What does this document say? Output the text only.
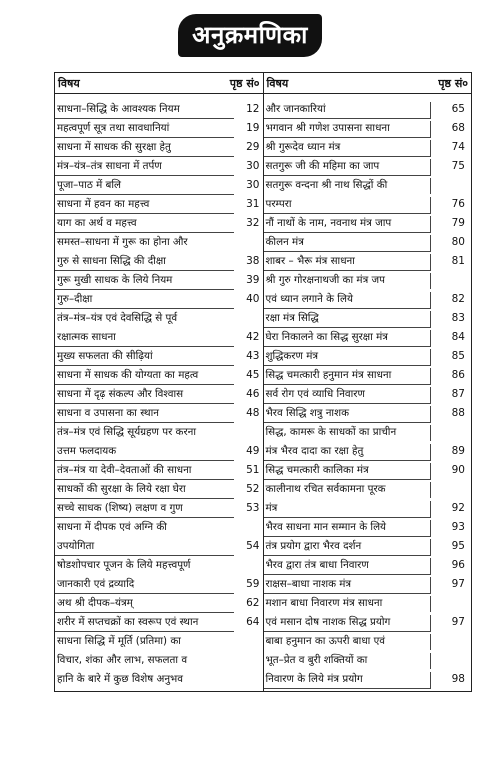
अनुक्रमणिका
विषय	पृष्ठ सं०
साधना–सिद्धि के आवश्यक नियम	12
महत्वपूर्ण सूत्र तथा सावधानियां	19
साधना में साधक की सुरक्षा हेतु	29
मंत्र–यंत्र–तंत्र साधना में तर्पण	30
पूजा–पाठ में बलि	30
साधना में हवन का महत्त्व	31
याग का अर्थ व महत्त्व	32
समस्त–साधना में गुरू का होना और
गुरु से साधना सिद्धि की दीक्षा	38
गुरू मुखी साधक के लिये नियम	39
गुरु–दीक्षा	40
तंत्र–मंत्र–यंत्र एवं देवसिद्धि से पूर्व
रक्षात्मक साधना	42
मुख्य सफलता की सीढ़ियां	43
साधना में साधक की योग्यता का महत्व	45
साधना में दृढ़ संकल्प और विश्वास	46
साधना व उपासना का स्थान	48
तंत्र–मंत्र एवं सिद्धि सूर्यग्रहण पर करना
उत्तम फलदायक	49
तंत्र–मंत्र या देवी–देवताओं की साधना	51
साधकों की सुरक्षा के लिये रक्षा घेरा	52
सच्चे साधक (शिष्य) लक्षण व गुण	53
साधना में दीपक एवं अग्नि की
उपयोगिता	54
षोडशोपचार पूजन के लिये महत्त्वपूर्ण
जानकारी एवं द्रव्यादि	59
अथ श्री दीपक–यंत्रम्	62
शरीर में सप्तचक्रों का स्वरूप एवं स्थान	64
साधना सिद्धि में मूर्ति (प्रतिमा) का
विचार, शंका और लाभ, सफलता व
हानि के बारे में कुछ विशेष अनुभव
विषय	पृष्ठ सं०
और जानकारियां	65
भगवान श्री गणेश उपासना साधना	68
श्री गुरूदेव ध्यान मंत्र	74
सतगुरू जी की महिमा का जाप	75
सतगुरू वन्दना श्री नाथ सिद्धों की
परम्परा	76
नौं नाथों के नाम, नवनाथ मंत्र जाप	79
कीलन मंत्र	80
शाबर – भैरू मंत्र साधना	81
श्री गुरु गोरक्षनाथजी का मंत्र जप
एवं ध्यान लगाने के लिये	82
रक्षा मंत्र सिद्धि	83
घेरा निकालने का सिद्ध सुरक्षा मंत्र	84
शुद्धिकरण मंत्र	85
सिद्ध चमत्कारी हनुमान मंत्र साधना	86
सर्व रोग एवं व्याधि निवारण	87
भैरव सिद्धि शत्रु नाशक	88
सिद्ध, कामरू के साधकों का प्राचीन
मंत्र भैरव दादा का रक्षा हेतु	89
सिद्ध चमत्कारी कालिका मंत्र	90
कालीनाथ रचित सर्वकामना पूरक
मंत्र	92
भैरव साधना मान सम्मान के लिये	93
तंत्र प्रयोग द्वारा भैरव दर्शन	95
भैरव द्वारा तंत्र बाधा निवारण	96
राक्षस–बाधा नाशक मंत्र	97
मशान बाधा निवारण मंत्र साधना
एवं मसान दोष नाशक सिद्ध प्रयोग	97
बाबा हनुमान का ऊपरी बाधा एवं
भूत–प्रेत व बुरी शक्तियों का
निवारण के लिये मंत्र प्रयोग	98
